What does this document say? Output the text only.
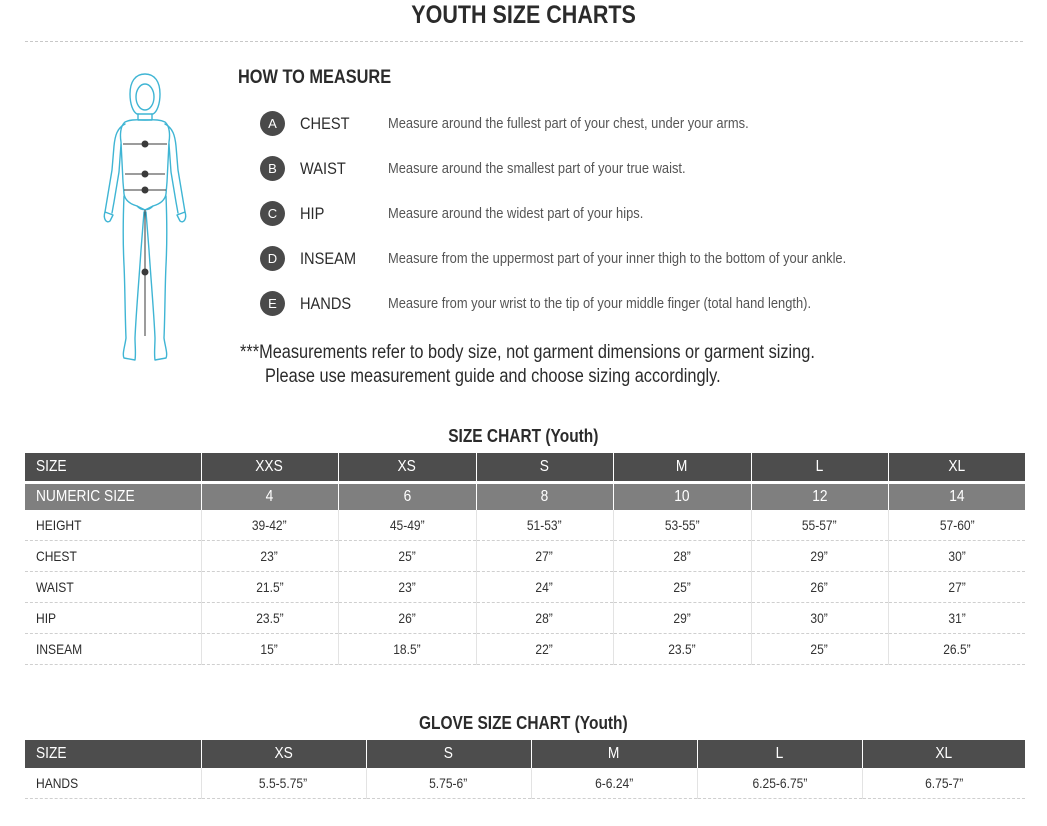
YOUTH SIZE CHARTS
HOW TO MEASURE
A	CHEST	Measure around the fullest part of your chest, under your arms.
B	WAIST	Measure around the smallest part of your true waist.
C	HIP	Measure around the widest part of your hips.
D	INSEAM	Measure from the uppermost part of your inner thigh to the bottom of your ankle.
E	HANDS	Measure from your wrist to the tip of your middle finger (total hand length).
***Measurements refer to body size, not garment dimensions or garment sizing.
Please use measurement guide and choose sizing accordingly.
SIZE CHART (Youth)
SIZE	XXS	XS	S	M	L	XL

NUMERIC SIZE	4	6	8	10	12	14
HEIGHT	39-42”	45-49”	51-53”	53-55”	55-57”	57-60”
CHEST	23”	25”	27”	28”	29”	30”
WAIST	21.5”	23”	24”	25”	26”	27”
HIP	23.5”	26”	28”	29”	30”	31”
INSEAM	15”	18.5”	22”	23.5”	25”	26.5”
GLOVE SIZE CHART (Youth)
SIZE	XS	S	M	L	XL
HANDS	5.5-5.75”	5.75-6”	6-6.24”	6.25-6.75”	6.75-7”
